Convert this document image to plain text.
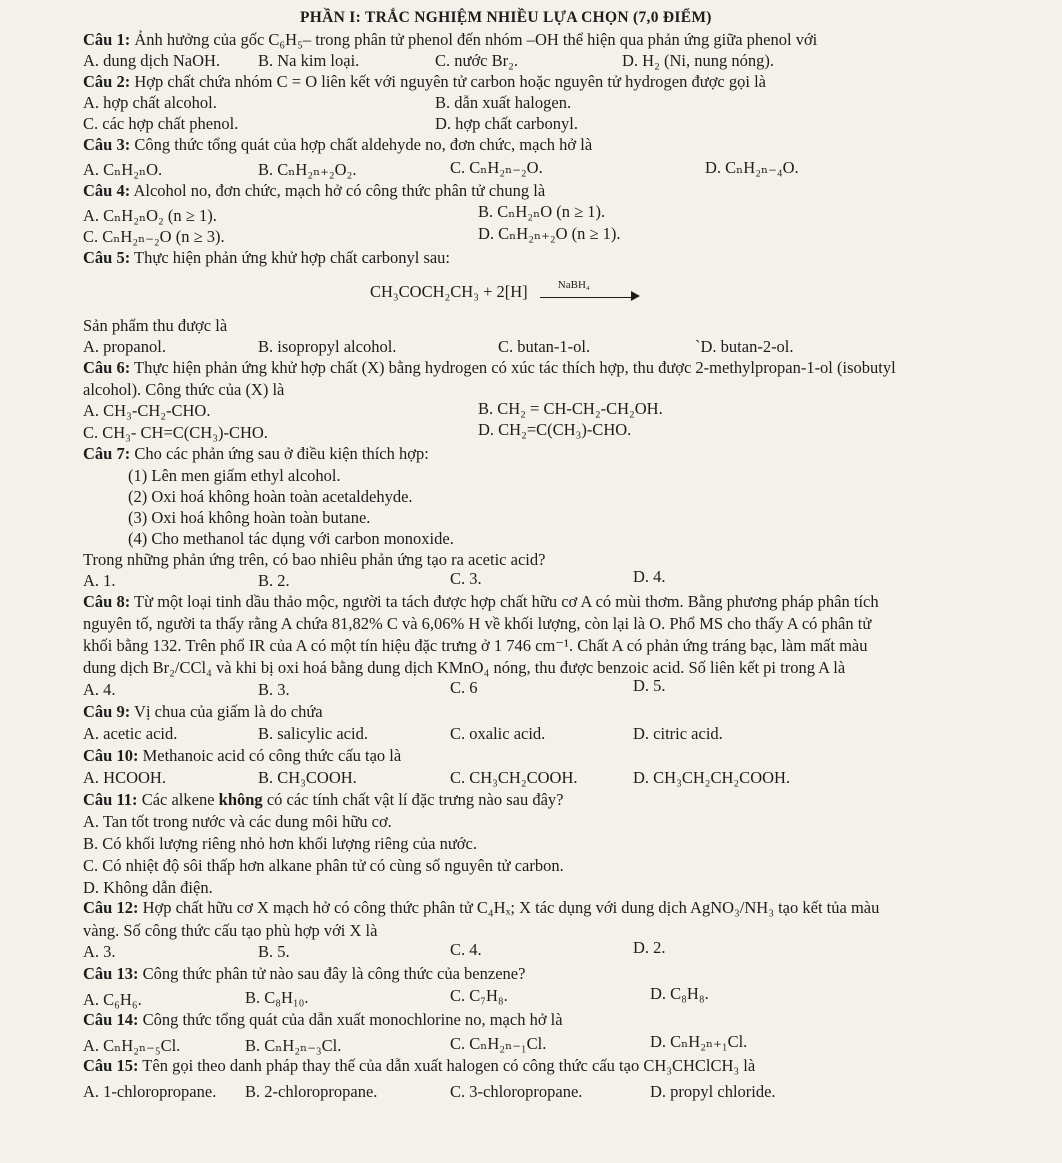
PHẦN I: TRẮC NGHIỆM NHIỀU LỰA CHỌN (7,0 ĐIỂM)
Câu 1: Ảnh hưởng của gốc C₆H₅– trong phân tử phenol đến nhóm –OH thể hiện qua phản ứng giữa phenol với
A. dung dịch NaOH. B. Na kim loại.	C. nước Br₂.	D. H₂ (Ni, nung nóng).
Câu 2: Hợp chất chứa nhóm C = O liên kết với nguyên tử carbon hoặc nguyên tử hydrogen được gọi là
A. hợp chất alcohol.	B. dẫn xuất halogen.
C. các hợp chất phenol.	D. hợp chất carbonyl.
Câu 3: Công thức tổng quát của hợp chất aldehyde no, đơn chức, mạch hở là
A. CₙH₂ₙO.	B. CₙH₂ₙ₊₂O₂.	C. CₙH₂ₙ₋₂O.	D. CₙH₂ₙ₋₄O.
Câu 4: Alcohol no, đơn chức, mạch hở có công thức phân tử chung là
A. CₙH₂ₙO₂ (n ≥ 1).	B. CₙH₂ₙO (n ≥ 1).
C. CₙH₂ₙ₋₂O (n ≥ 3).	D. CₙH₂ₙ₊₂O (n ≥ 1).
Câu 5: Thực hiện phản ứng khử hợp chất carbonyl sau:
CH₃COCH₂CH₃ + 2[H]	NaBH₄
Sản phẩm thu được là
A. propanol.	B. isopropyl alcohol.	C. butan-1-ol.	`D. butan-2-ol.
Câu 6: Thực hiện phản ứng khử hợp chất (X) bằng hydrogen có xúc tác thích hợp, thu được 2-methylpropan-1-ol (isobutyl
alcohol). Công thức của (X) là
A. CH₃-CH₂-CHO.	B. CH₂ = CH-CH₂-CH₂OH.
C. CH₃- CH=C(CH₃)-CHO.	D. CH₂=C(CH₃)-CHO.
Câu 7: Cho các phản ứng sau ở điều kiện thích hợp:
(1) Lên men giấm ethyl alcohol.
(2) Oxi hoá không hoàn toàn acetaldehyde.
(3) Oxi hoá không hoàn toàn butane.
(4) Cho methanol tác dụng với carbon monoxide.
Trong những phản ứng trên, có bao nhiêu phản ứng tạo ra acetic acid?
A. 1.	B. 2.	C. 3.	D. 4.
Câu 8: Từ một loại tinh dầu thảo mộc, người ta tách được hợp chất hữu cơ A có mùi thơm. Bằng phương pháp phân tích
nguyên tố, người ta thấy rằng A chứa 81,82% C và 6,06% H về khối lượng, còn lại là O. Phổ MS cho thấy A có phân tử
khối bằng 132. Trên phổ IR của A có một tín hiệu đặc trưng ở 1 746 cm⁻¹. Chất A có phản ứng tráng bạc, làm mất màu
dung dịch Br₂/CCl₄ và khi bị oxi hoá bằng dung dịch KMnO₄ nóng, thu được benzoic acid. Số liên kết pi trong A là
A. 4.	B. 3.	C. 6	D. 5.
Câu 9: Vị chua của giấm là do chứa
A. acetic acid.	B. salicylic acid.	C. oxalic acid.	D. citric acid.
Câu 10: Methanoic acid có công thức cấu tạo là
A. HCOOH.	B. CH₃COOH.	C. CH₃CH₂COOH.	D. CH₃CH₂CH₂COOH.
Câu 11: Các alkene không có các tính chất vật lí đặc trưng nào sau đây?
A. Tan tốt trong nước và các dung môi hữu cơ.
B. Có khối lượng riêng nhỏ hơn khối lượng riêng của nước.
C. Có nhiệt độ sôi thấp hơn alkane phân tử có cùng số nguyên tử carbon.
D. Không dẫn điện.
Câu 12: Hợp chất hữu cơ X mạch hở có công thức phân tử C₄Hₓ; X tác dụng với dung dịch AgNO₃/NH₃ tạo kết tủa màu
vàng. Số công thức cấu tạo phù hợp với X là
A. 3.	B. 5.	C. 4.	D. 2.
Câu 13: Công thức phân tử nào sau đây là công thức của benzene?
A. C₆H₆.	B. C₈H₁₀.	C. C₇H₈.	D. C₈H₈.
Câu 14: Công thức tổng quát của dẫn xuất monochlorine no, mạch hở là
A. CₙH₂ₙ₋₅Cl.	B. CₙH₂ₙ₋₃Cl.	C. CₙH₂ₙ₋₁Cl.	D. CₙH₂ₙ₊₁Cl.
Câu 15: Tên gọi theo danh pháp thay thế của dẫn xuất halogen có công thức cấu tạo CH₃CHClCH₃ là
A. 1-chloropropane. B. 2-chloropropane.	C. 3-chloropropane.	D. propyl chloride.
